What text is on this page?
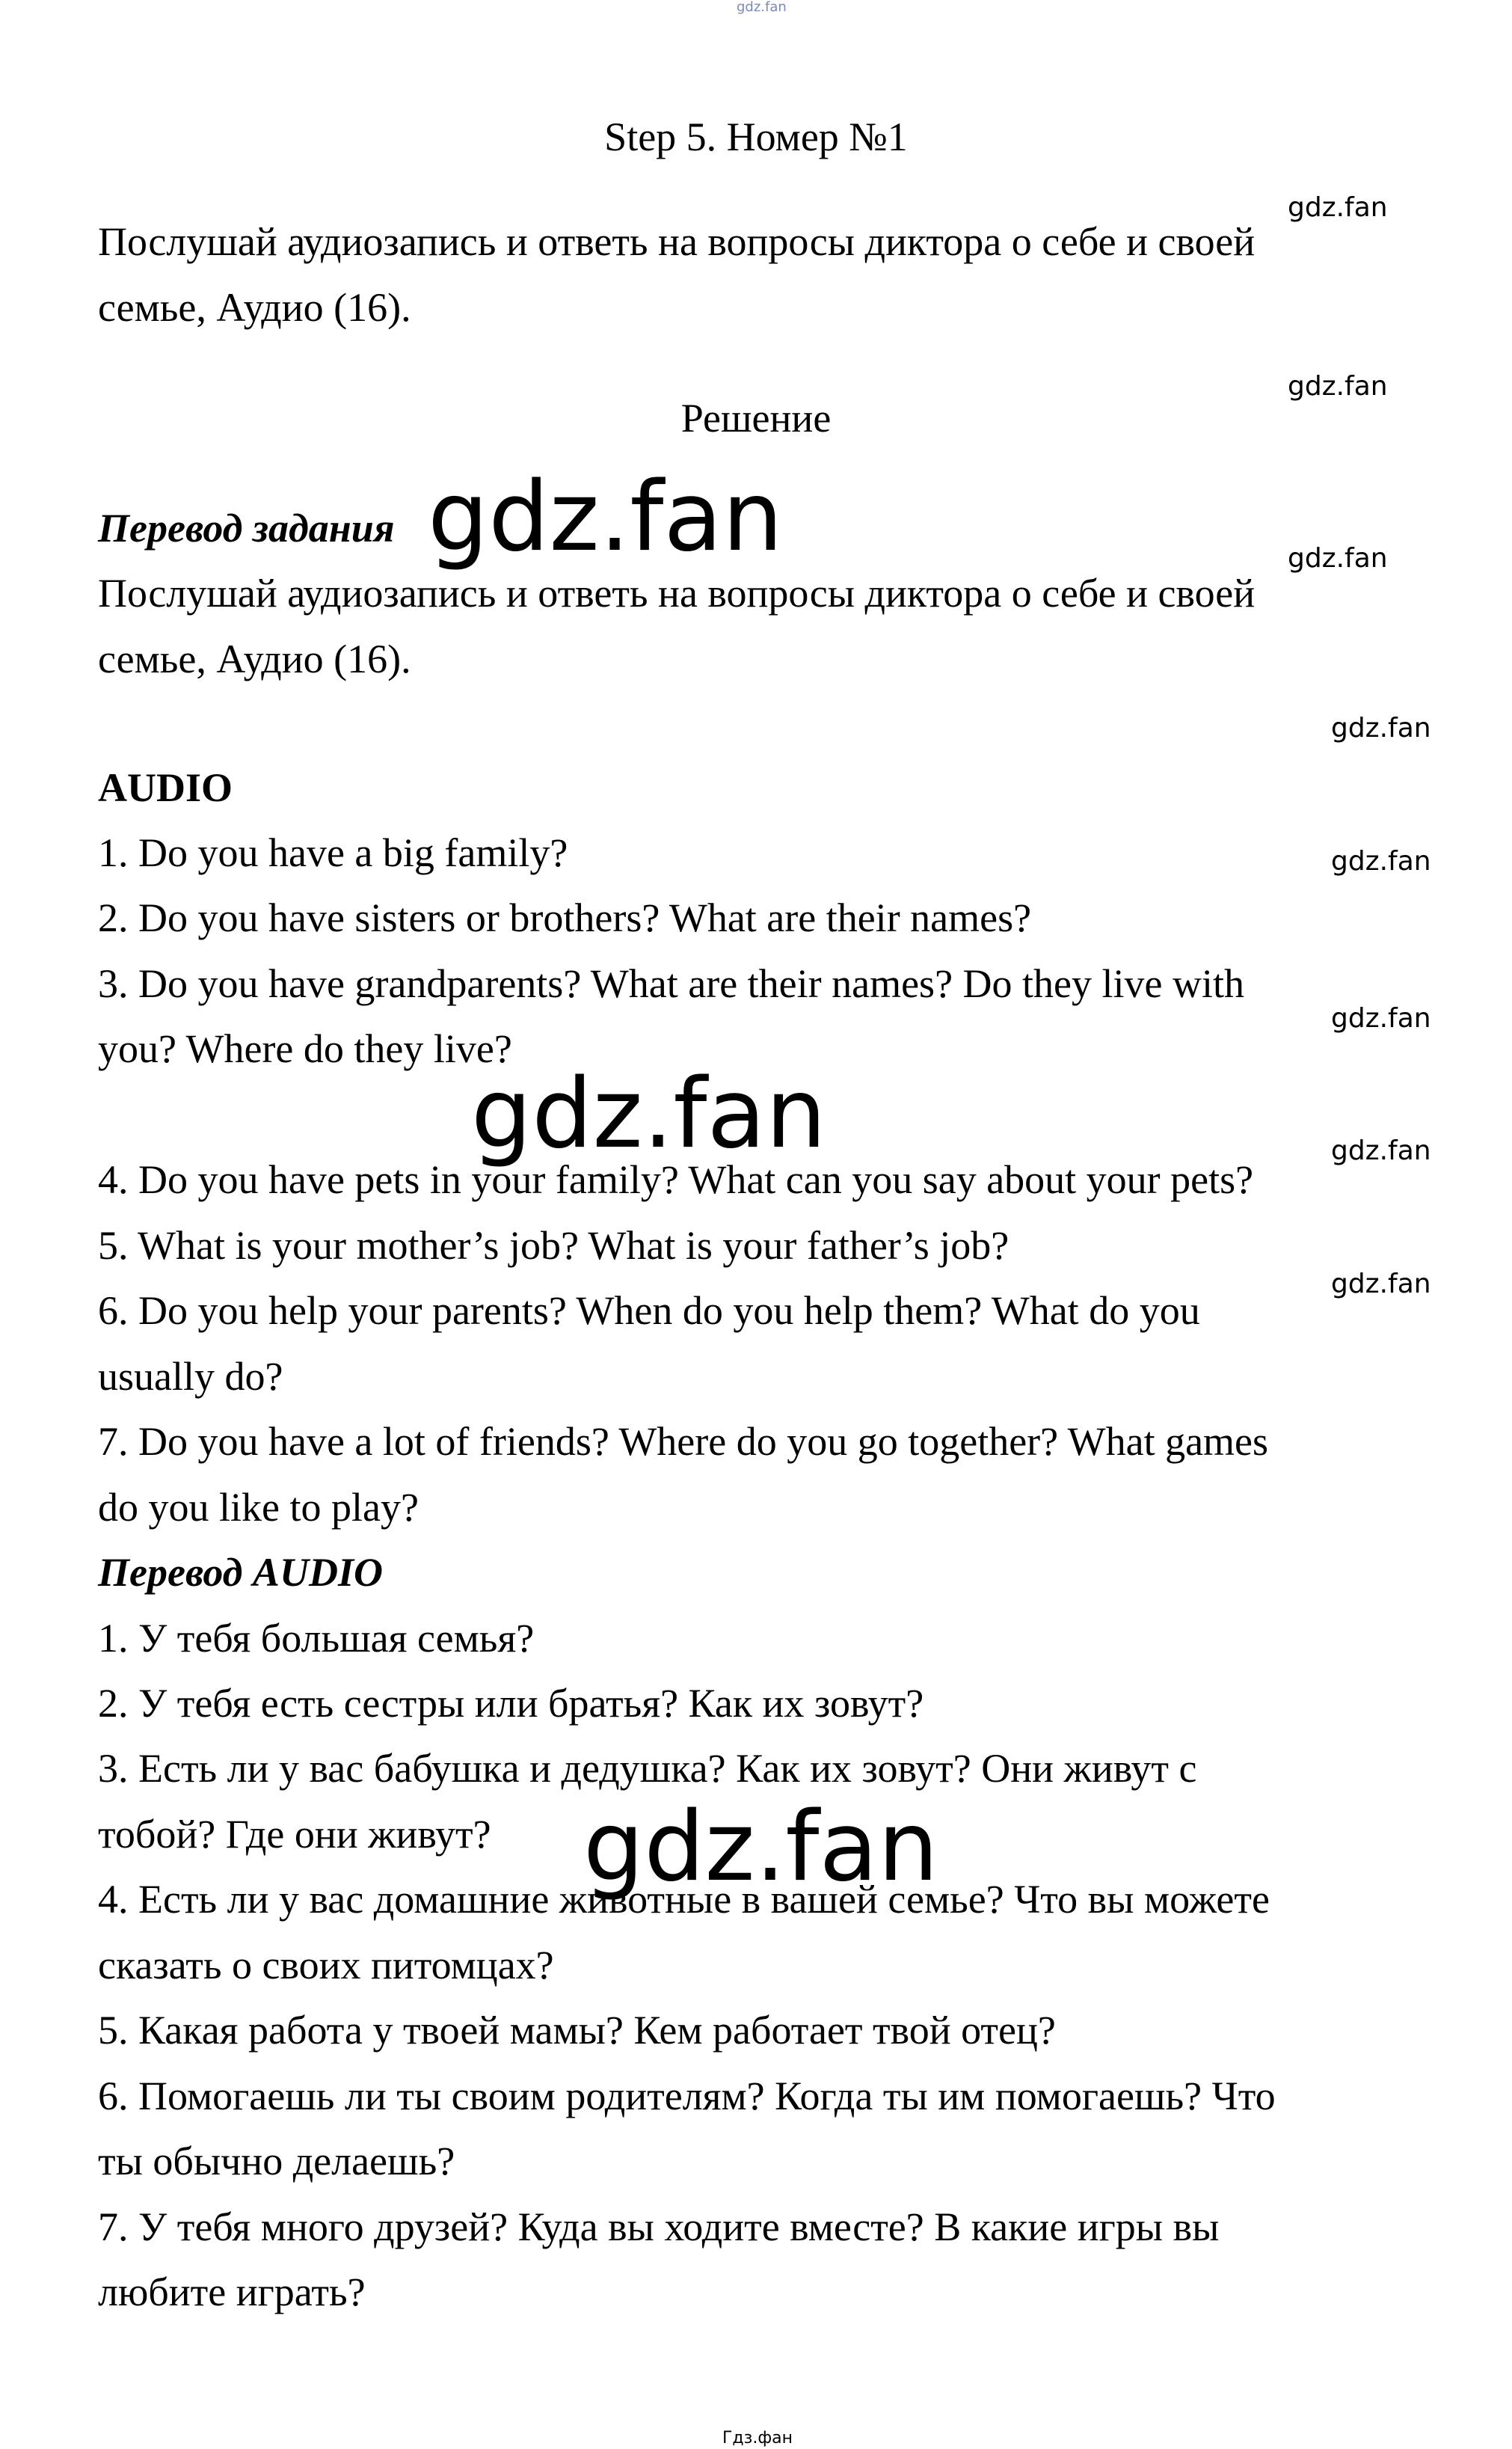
gdz.fan
Step 5. Номер №1
Послушай аудиозапись и ответь на вопросы диктора о себе и своей
семье, Аудио (16).
Решение
Перевод задания
Послушай аудиозапись и ответь на вопросы диктора о себе и своей
семье, Аудио (16).
AUDIO
1. Do you have a big family?
2. Do you have sisters or brothers? What are their names?
3. Do you have grandparents? What are their names? Do they live with
you? Where do they live?
4. Do you have pets in your family? What can you say about your pets?
5. What is your mother’s job? What is your father’s job?
6. Do you help your parents? When do you help them? What do you
usually do?
7. Do you have a lot of friends? Where do you go together? What games
do you like to play?
Перевод AUDIO
1. У тебя большая семья?
2. У тебя есть сестры или братья? Как их зовут?
3. Есть ли у вас бабушка и дедушка? Как их зовут? Они живут с
тобой? Где они живут?
4. Есть ли у вас домашние животные в вашей семье? Что вы можете
сказать о своих питомцах?
5. Какая работа у твоей мамы? Кем работает твой отец?
6. Помогаешь ли ты своим родителям? Когда ты им помогаешь? Что
ты обычно делаешь?
7. У тебя много друзей? Куда вы ходите вместе? В какие игры вы
любите играть?
gdz.fan
gdz.fan
gdz.fan
gdz.fan
gdz.fan
gdz.fan
gdz.fan
gdz.fan
gdz.fan
gdz.fan
gdz.fan
Гдз.фан
